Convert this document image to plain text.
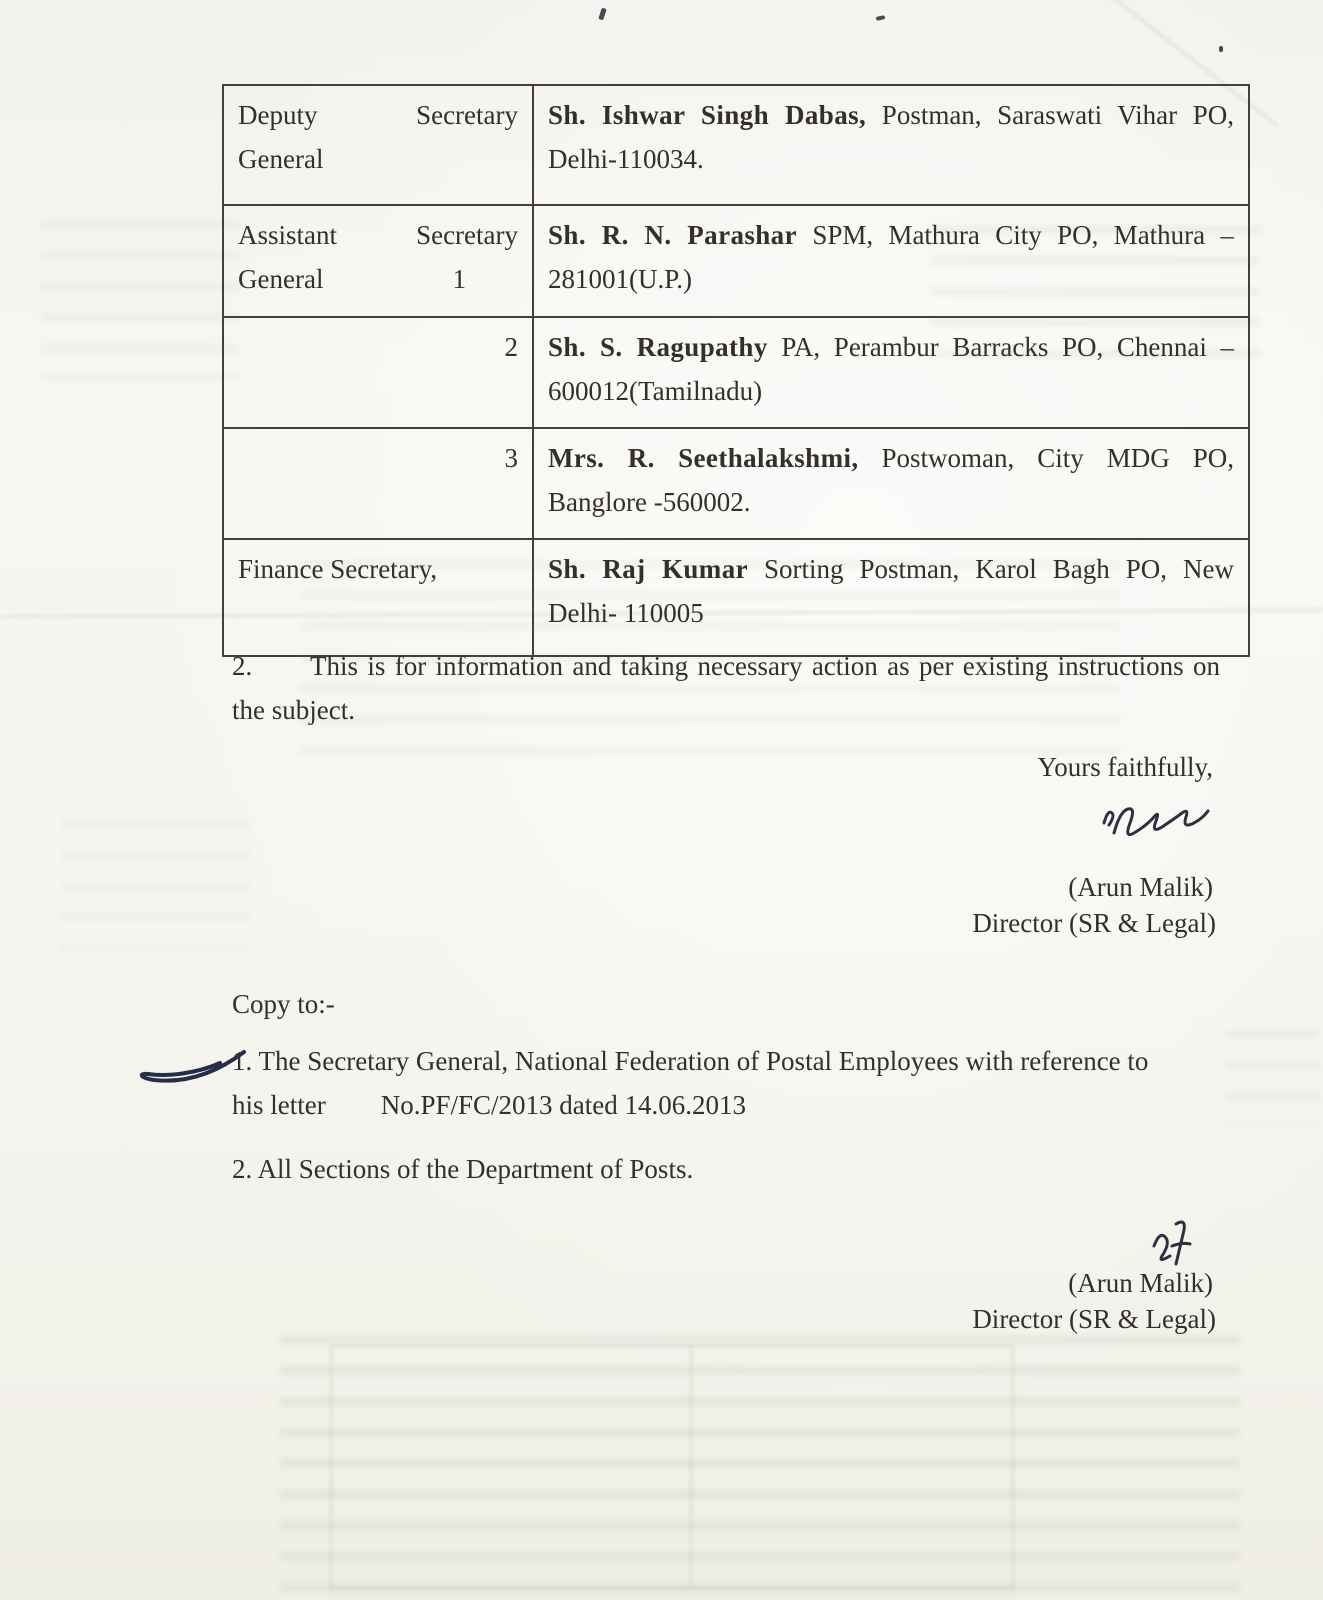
Deputy Secretary
General	Sh. Ishwar Singh Dabas, Postman, Saraswati Vihar PO, Delhi-110034.

Assistant Secretary
General 1	Sh. R. N. Parashar SPM, Mathura City PO, Mathura – 281001(U.P.)
2	Sh. S. Ragupathy PA, Perambur Barracks PO, Chennai – 600012(Tamilnadu)
3	Mrs. R. Seethalakshmi, Postwoman, City MDG PO, Banglore -560002.
Finance Secretary,	Sh. Raj Kumar Sorting Postman, Karol Bagh PO, New Delhi- 110005
2. This is for information and taking necessary action as per existing instructions on the subject.
Yours faithfully,
(Arun Malik)
Director (SR & Legal)
Copy to:-
1. The Secretary General, National Federation of Postal Employees with reference to
his letter No.PF/FC/2013 dated 14.06.2013
2. All Sections of the Department of Posts.
(Arun Malik)
Director (SR & Legal)
